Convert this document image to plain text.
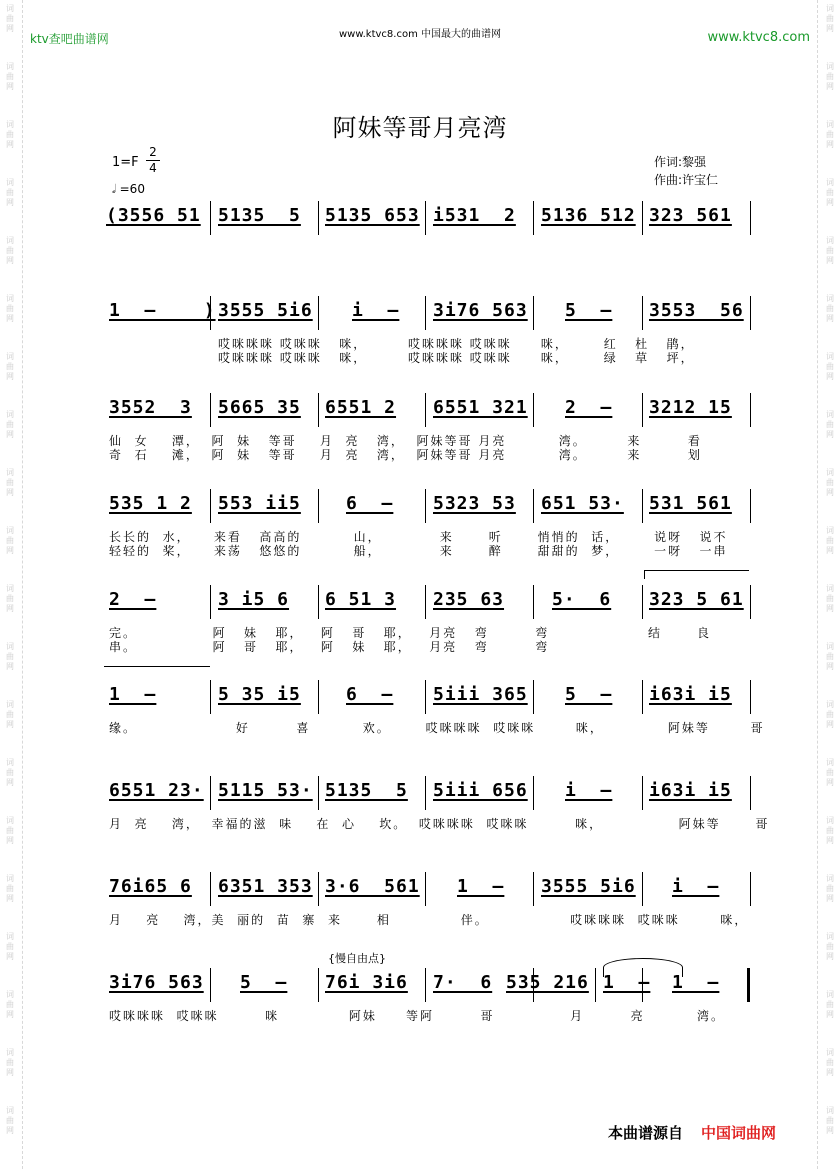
词曲网
词曲网
词曲网
词曲网
词曲网
词曲网
词曲网
词曲网
词曲网
词曲网
词曲网
词曲网
词曲网
词曲网
词曲网
词曲网
词曲网
词曲网
词曲网
词曲网
词曲网
词曲网
词曲网
词曲网
词曲网
词曲网
词曲网
词曲网
词曲网
词曲网
词曲网
词曲网
词曲网
词曲网
词曲网
词曲网
词曲网
词曲网
词曲网
词曲网
ktv查吧曲谱网	www.ktvc8.com 中国最大的曲谱网	www.ktvc8.com
阿妹等哥月亮湾
$1=F \frac{2}{4}$
𝅗𝅥 =60
作词:黎强
作曲:许宝仁
(3556 51 5135  5 5135 653 i531  2 5136 512 323 561
1  –    ) 3555 5i6 i  – 3i76 563 5  – 3553  56
哎咪咪咪 哎咪咪   咪，       哎咪咪咪 哎咪咪     咪，      红   杜   鹃，
哎咪咪咪 哎咪咪   咪，       哎咪咪咪 哎咪咪     咪，      绿   草   坪，
3552  3 5665 35 6551 2 6551 321 2  – 3212 15
仙  女    潭，  阿  妹   等哥    月  亮   湾，  阿妹等哥 月亮         湾。       来        看
奇  石    滩，  阿  妹   等哥    月  亮   湾，  阿妹等哥 月亮         湾。       来        划
535 1 2 553 ii5	6  – 5323 53 651 53· 531 561
长长的  水，    来看   高高的         山，          来      听      悄悄的  话，      说呀   说不
轻轻的  桨，    来荡   悠悠的         船，          来      醉      甜甜的  梦，      一呀   一串
2  –	3 i5 6 6 51 3 235 63	5·  6 323 5 61
完。             阿   妹   耶，   阿   哥   耶，   月亮   弯        弯                 结      良
串。             阿   哥   耶，   阿   妹   耶，   月亮   弯        弯
1  –	5 35 i5	6  – 5iii 365 5  – i63i i5
缘。                 好        喜         欢。      哎咪咪咪  哎咪咪       咪，           阿妹等       哥
6551 23· 5115 53· 5135  5 5iii 656 i  – i63i i5
月  亮    湾，  幸福的滋  味    在  心    坎。  哎咪咪咪  哎咪咪        咪，             阿妹等      哥
76i65 6 6351 353 3·6  561 1  – 3555 5i6 i  –
月    亮    湾，美  丽的  苗  寨  来      相            伴。              哎咪咪咪  哎咪咪       咪，
3i76 563 5  – 76i 3i6 7·  6 535 216 1  – 1  –
哎咪咪咪  哎咪咪        咪            阿妹     等阿        哥             月        亮         湾。
{慢自由点}
本曲谱源自 中国词曲网
